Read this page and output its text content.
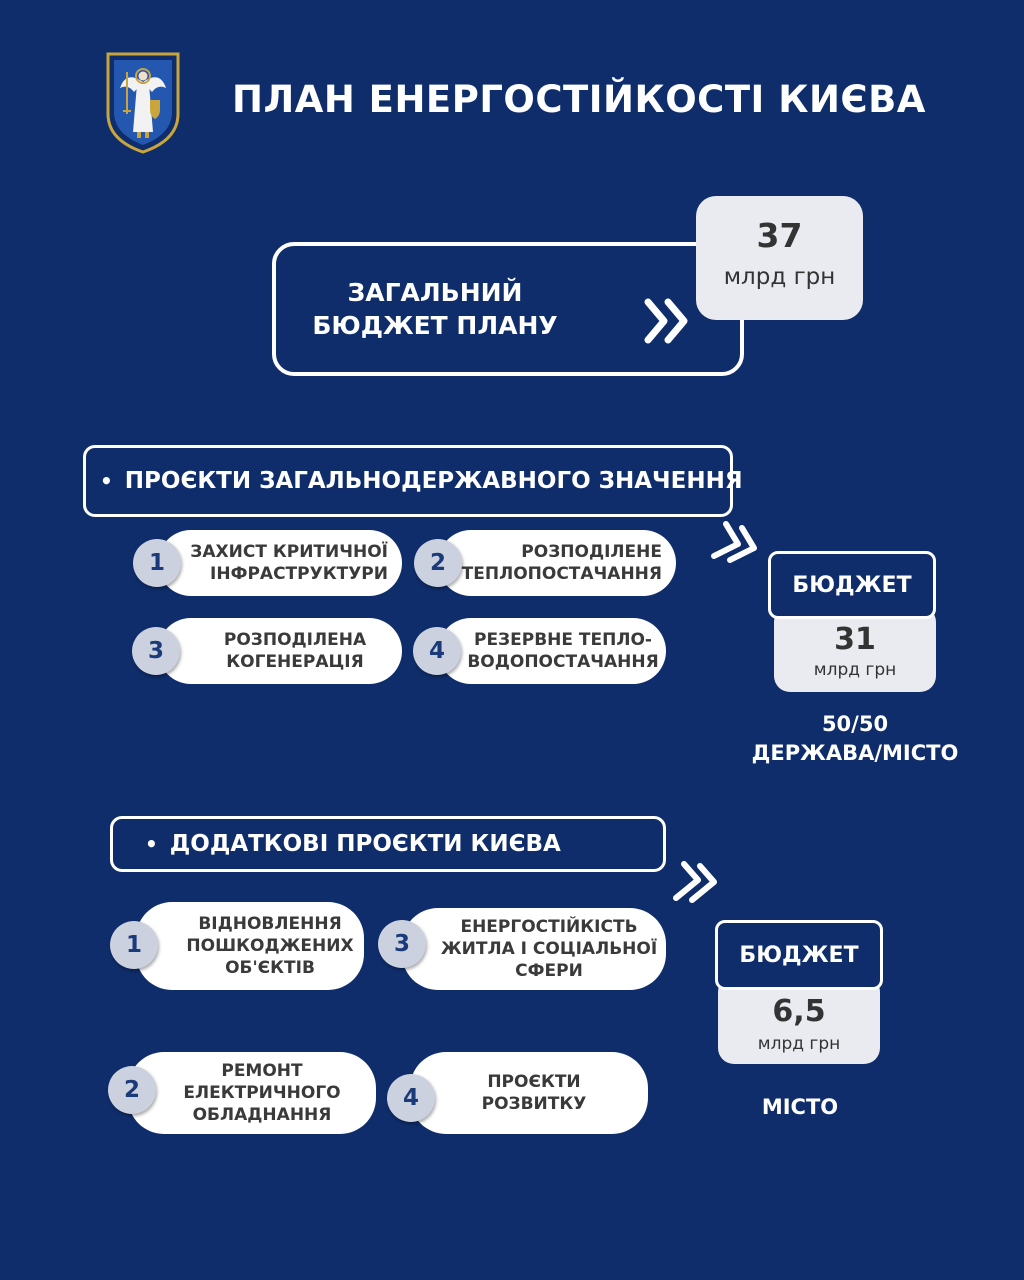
ПЛАН ЕНЕРГОСТІЙКОСТІ КИЄВА
ЗАГАЛЬНИЙ
БЮДЖЕТ ПЛАНУ
37
млрд грн
• ПРОЄКТИ ЗАГАЛЬНОДЕРЖАВНОГО ЗНАЧЕННЯ
ЗАХИСТ КРИТИЧНОЇ
ІНФРАСТРУКТУРИ
1	РОЗПОДІЛЕНЕ
ТЕПЛОПОСТАЧАННЯ
2
РОЗПОДІЛЕНА
КОГЕНЕРАЦІЯ
3	РЕЗЕРВНЕ ТЕПЛО-
ВОДОПОСТАЧАННЯ
4	31
млрд грн
БЮДЖЕТ
50/50
ДЕРЖАВА/МІСТО
• ДОДАТКОВІ ПРОЄКТИ КИЄВА
ВІДНОВЛЕННЯ
ПОШКОДЖЕНИХ
ОБ'ЄКТІВ
1
ЕНЕРГОСТІЙКІСТЬ
ЖИТЛА І СОЦІАЛЬНОЇ
СФЕРИ
3
РЕМОНТ
ЕЛЕКТРИЧНОГО
ОБЛАДНАННЯ
2	ПРОЄКТИ
РОЗВИТКУ
4
6,5
млрд грн
БЮДЖЕТ
МІСТО
